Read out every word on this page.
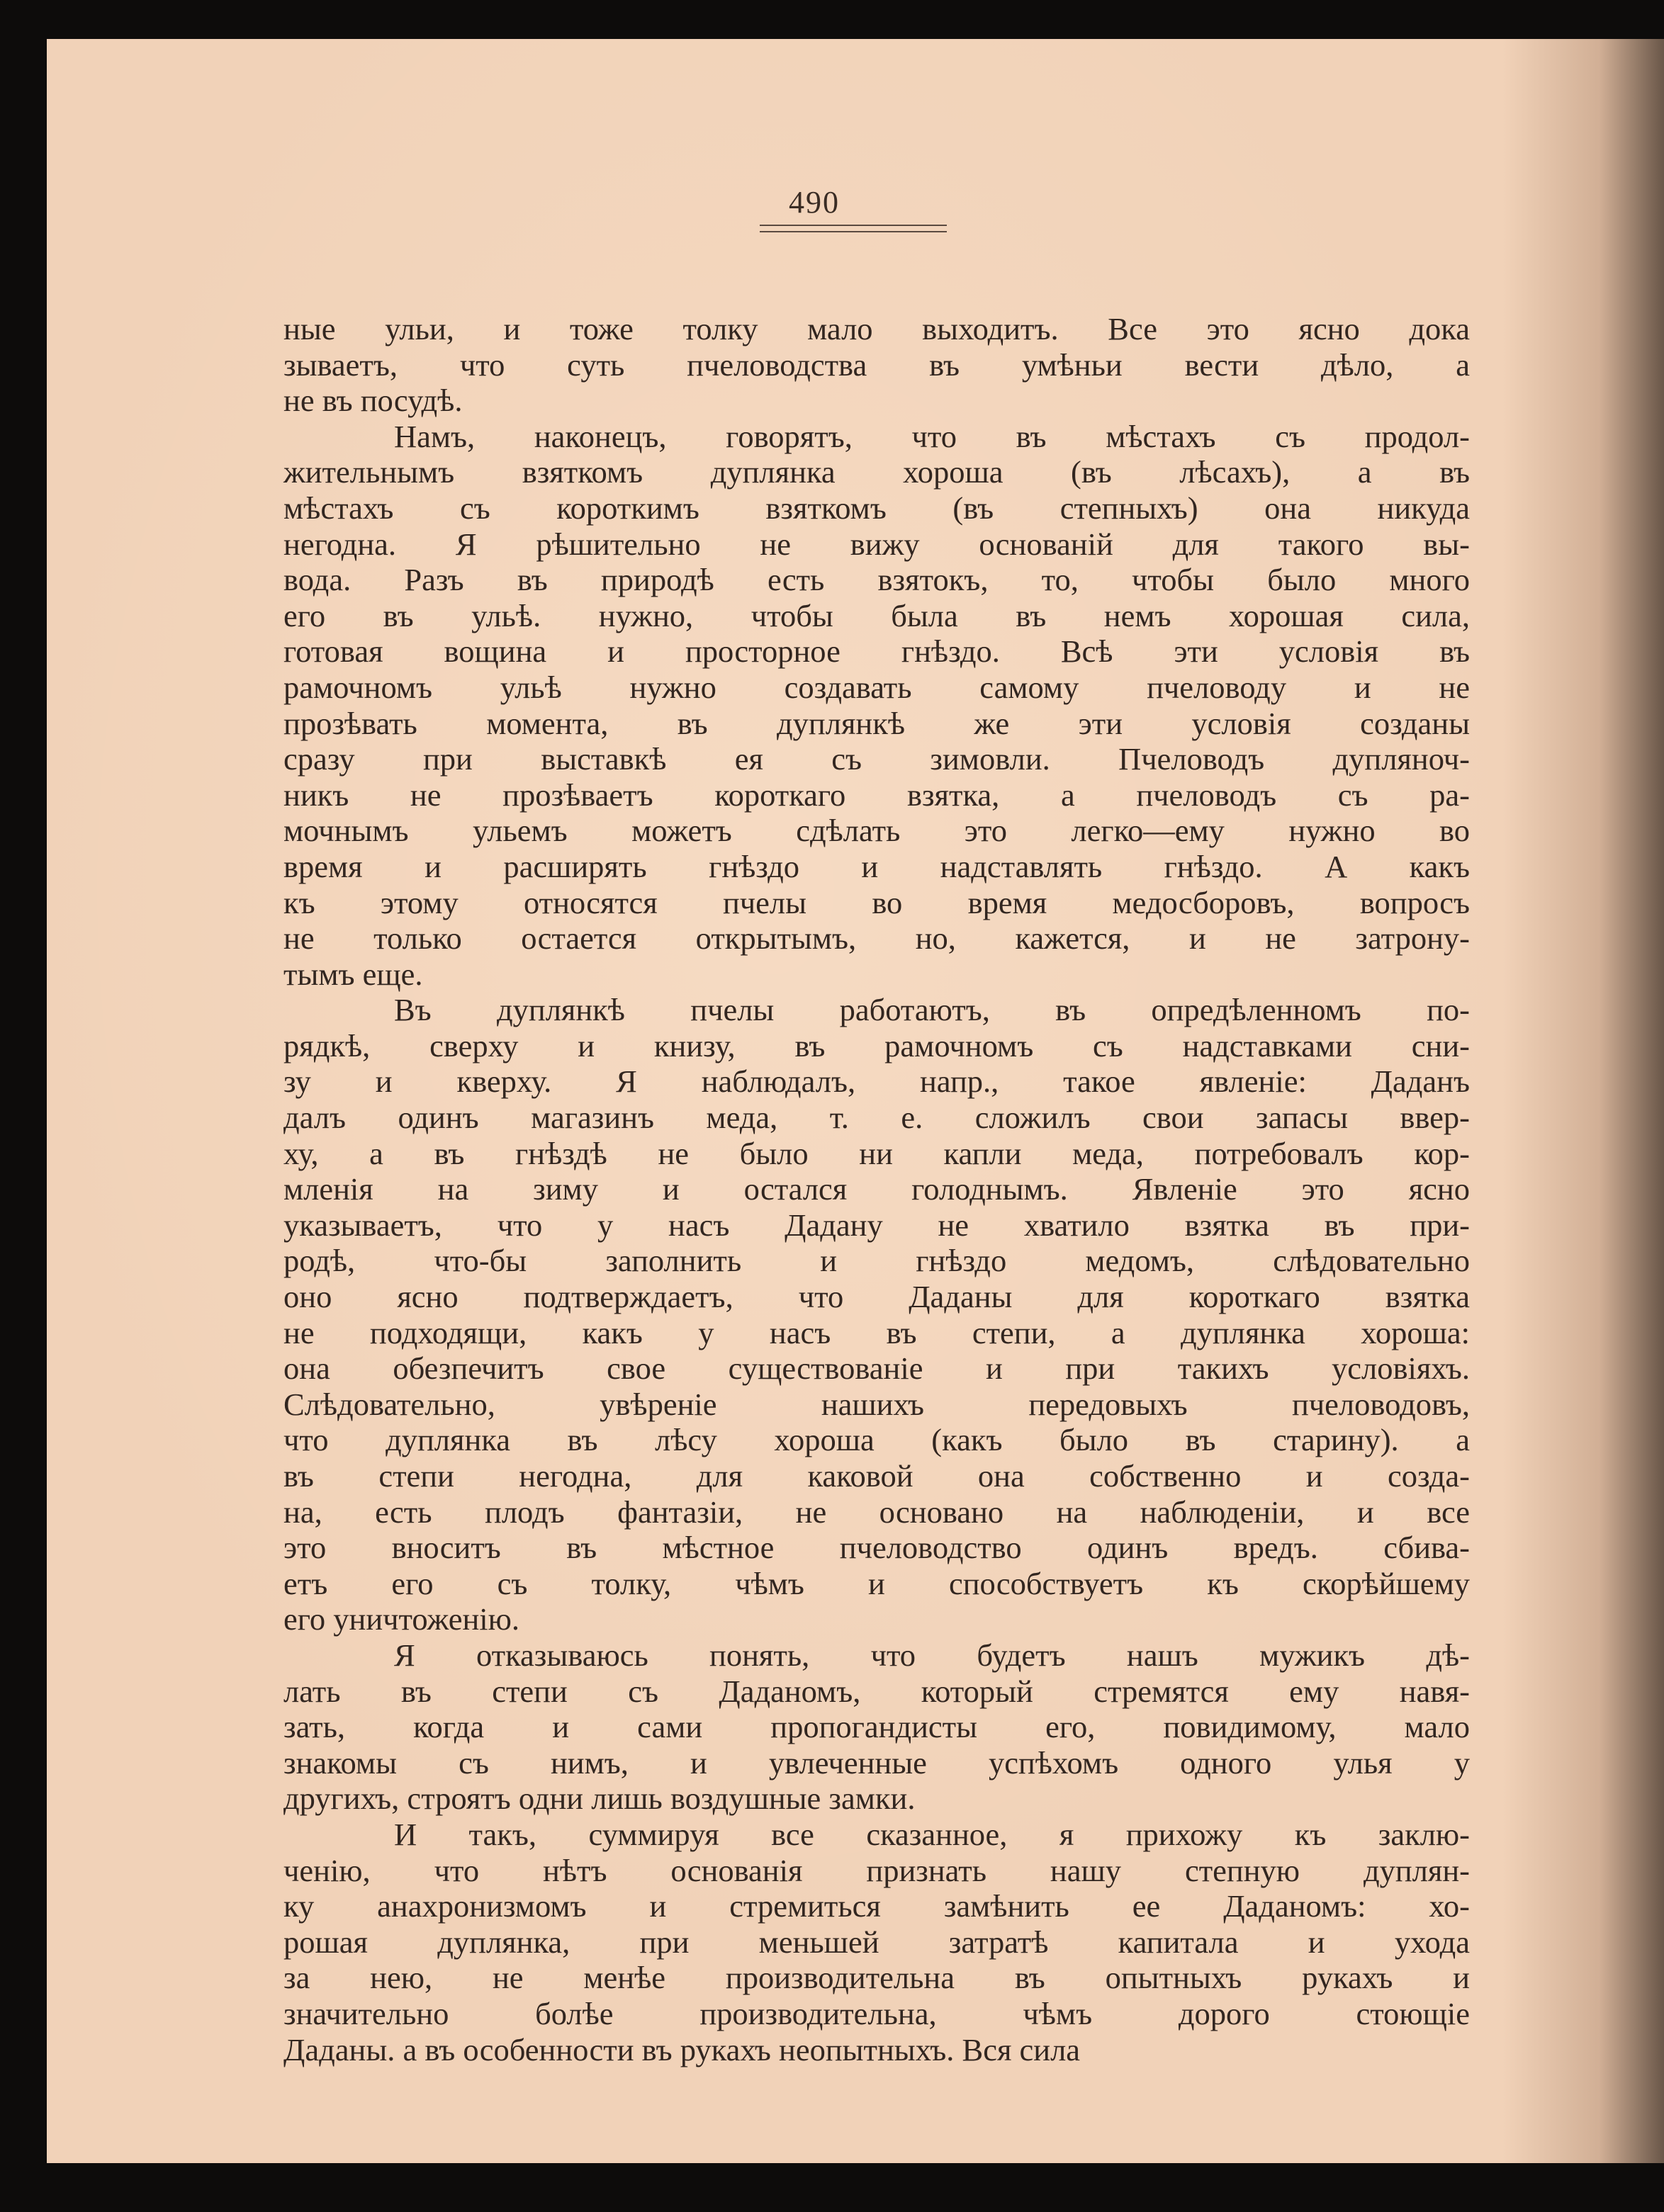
490

ные ульи, и тоже толку мало выходитъ. Все это ясно дока
зываетъ, что суть пчеловодства въ умѣньи вести дѣло, а
не въ посудѣ.

Намъ, наконецъ, говорятъ, что въ мѣстахъ съ продол-
жительнымъ взяткомъ дуплянка хороша (въ лѣсахъ), а въ
мѣстахъ съ короткимъ взяткомъ (въ степныхъ) она никуда
негодна. Я рѣшительно не вижу основаній для такого вы-
вода. Разъ въ природѣ есть взятокъ, то, чтобы было много
его въ ульѣ. нужно, чтобы была въ немъ хорошая сила,
готовая вощина и просторное гнѣздо. Всѣ эти условія въ
рамочномъ ульѣ нужно создавать самому пчеловоду и не
прозѣвать момента, въ дуплянкѣ же эти условія созданы
сразу при выставкѣ ея съ зимовли. Пчеловодъ дупляноч-
никъ не прозѣваетъ короткаго взятка, а пчеловодъ съ ра-
мочнымъ ульемъ можетъ сдѣлать это легко—ему нужно во
время и расширять гнѣздо и надставлять гнѣздо. А какъ
къ этому относятся пчелы во время медосборовъ, вопросъ
не только остается открытымъ, но, кажется, и не затрону-
тымъ еще.

Въ дуплянкѣ пчелы работаютъ, въ опредѣленномъ по-
рядкѣ, сверху и книзу, въ рамочномъ съ надставками сни-
зу и кверху. Я наблюдалъ, напр., такое явленіе: Даданъ
далъ одинъ магазинъ меда, т. е. сложилъ свои запасы ввер-
ху, а въ гнѣздѣ не было ни капли меда, потребовалъ кор-
мленія на зиму и остался голоднымъ. Явленіе это ясно
указываетъ, что у насъ Дадану не хватило взятка въ при-
родѣ, что-бы заполнить и гнѣздо медомъ, слѣдовательно
оно ясно подтверждаетъ, что Даданы для короткаго взятка
не подходящи, какъ у насъ въ степи, а дуплянка хороша:
она обезпечитъ свое существованіе и при такихъ условіяхъ.
Слѣдовательно, увѣреніе нашихъ передовыхъ пчеловодовъ,
что дуплянка въ лѣсу хороша (какъ было въ старину). а
въ степи негодна, для каковой она собственно и созда-
на, есть плодъ фантазіи, не основано на наблюденіи, и все
это вноситъ въ мѣстное пчеловодство одинъ вредъ. сбива-
етъ его съ толку, чѣмъ и способствуетъ къ скорѣйшему
его уничтоженію.

Я отказываюсь понять, что будетъ нашъ мужикъ дѣ-
лать въ степи съ Даданомъ, который стремятся ему навя-
зать, когда и сами пропогандисты его, повидимому, мало
знакомы съ нимъ, и увлеченные успѣхомъ одного улья у
другихъ, строятъ одни лишь воздушные замки.

И такъ, суммируя все сказанное, я прихожу къ заклю-
ченію, что нѣтъ основанія признать нашу степную дуплян-
ку анахронизмомъ и стремиться замѣнить ее Даданомъ: хо-
рошая дуплянка, при меньшей затратѣ капитала и ухода
за нею, не менѣе производительна въ опытныхъ рукахъ и
значительно болѣе производительна, чѣмъ дорого стоющіе
Даданы. а въ особенности въ рукахъ неопытныхъ. Вся сила
